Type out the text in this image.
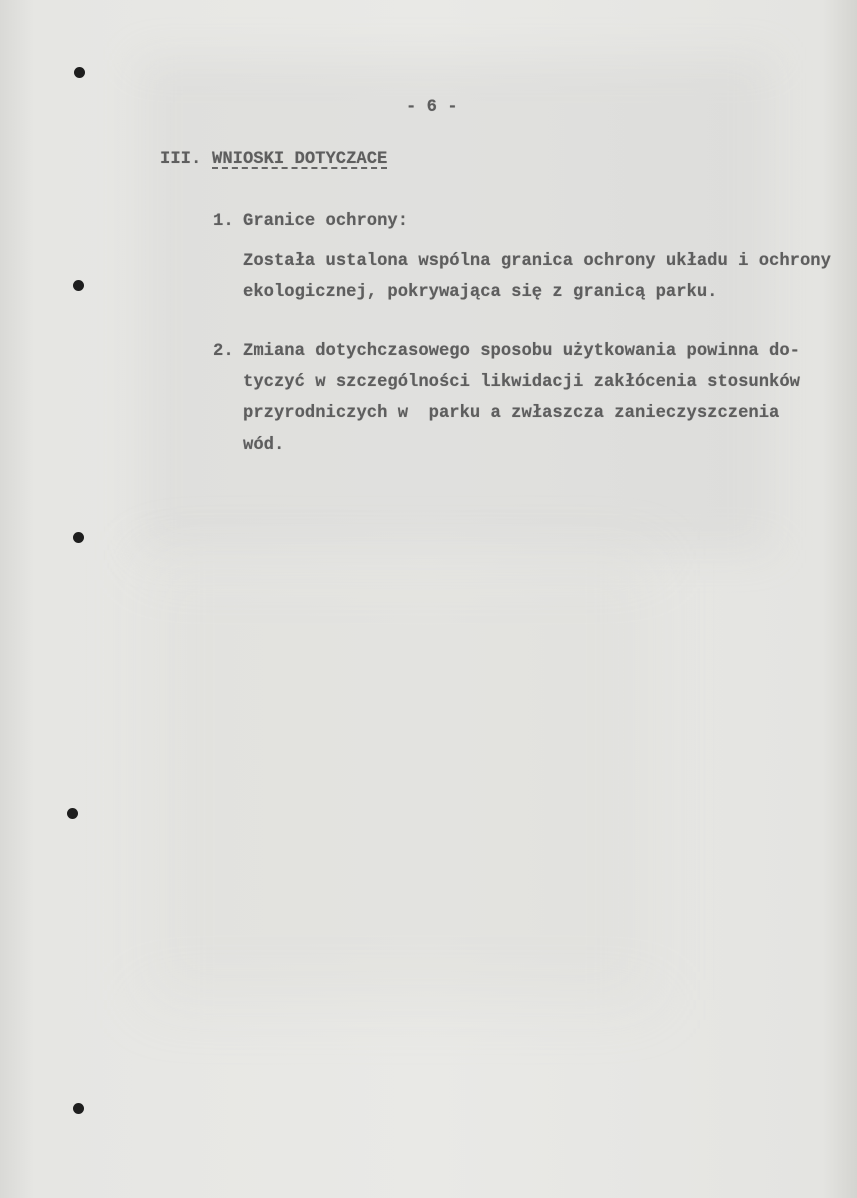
- 6 -
III. WNIOSKI DOTYCZACE
1. Granice ochrony:
Została ustalona wspólna granica ochrony układu i ochrony
ekologicznej, pokrywająca się z granicą parku.
2. Zmiana dotychczasowego sposobu użytkowania powinna do-
tyczyć w szczególności likwidacji zakłócenia stosunków
przyrodniczych w  parku a zwłaszcza zanieczyszczenia
wód.
